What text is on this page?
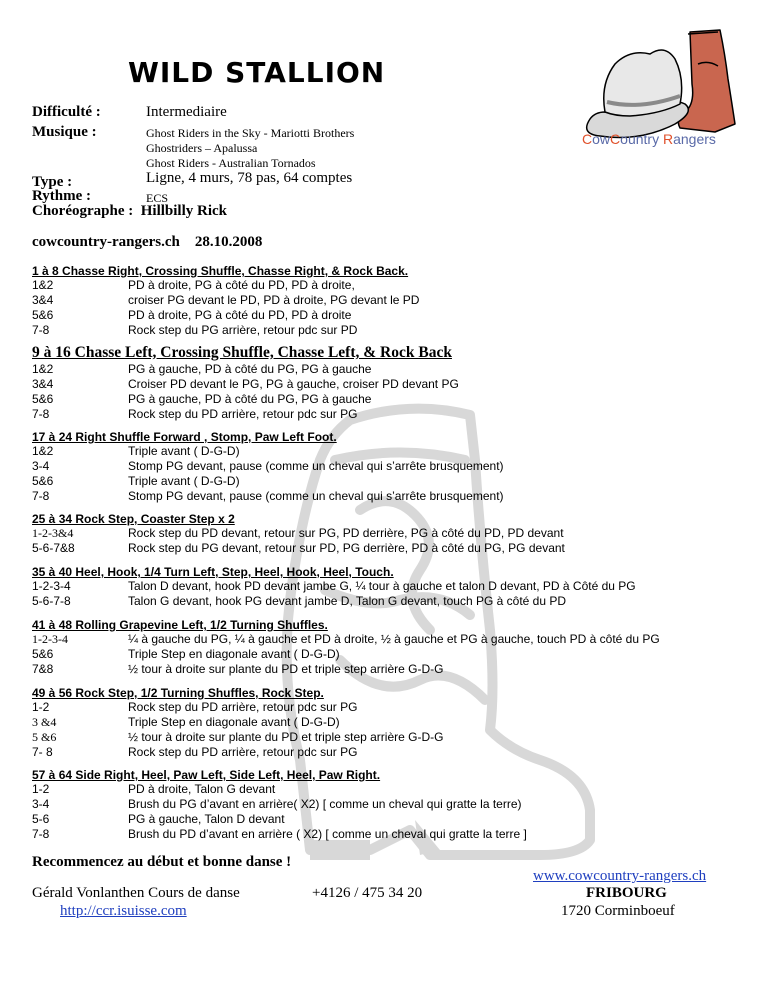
CowCountry Rangers
WILD STALLION
Difficulté :	Intermediaire
Musique :	Ghost Riders in the Sky - Mariotti Brothers
Ghostriders – Apalussa
Ghost Riders - Australian Tornados
Type :	Ligne, 4 murs, 78 pas, 64 comptes
Rythme :	ECS
Choréographe : Hillbilly Rick
cowcountry-rangers.ch    28.10.2008
1 à 8 Chasse Right, Crossing Shuffle, Chasse Right, & Rock Back.
1&2	PD à droite, PG à côté du PD, PD à droite,
3&4	croiser PG devant le PD, PD à droite, PG devant le PD
5&6	PD à droite, PG à côté du PD, PD à droite
7-8	Rock step du PG arrière, retour pdc sur PD
9 à 16 Chasse Left, Crossing Shuffle, Chasse Left, & Rock Back
1&2	PG à gauche, PD à côté du PG, PG à gauche
3&4	Croiser PD devant le PG, PG à gauche, croiser PD devant PG
5&6	PG à gauche, PD à côté du PG, PG à gauche
7-8	Rock step du PD arrière, retour pdc sur PG
17 à 24 Right Shuffle Forward , Stomp, Paw Left Foot.
1&2	Triple avant ( D-G-D)
3-4	Stomp PG devant, pause (comme un cheval qui s’arrête brusquement)
5&6	Triple avant ( D-G-D)
7-8	Stomp PG devant, pause (comme un cheval qui s’arrête brusquement)
25 à 34 Rock Step, Coaster Step x 2
1-2-3&4	Rock step du PD devant, retour sur PG, PD derrière, PG à côté du PD, PD devant
5-6-7&8	Rock step du PG devant, retour sur PD, PG derrière, PD à côté du PG, PG devant
35 à 40 Heel, Hook, 1/4 Turn Left, Step, Heel, Hook, Heel, Touch.
1-2-3-4	Talon D devant, hook PD devant jambe G, ¼ tour à gauche et talon D devant, PD à Côté du PG
5-6-7-8	Talon G devant, hook PG devant jambe D, Talon G devant, touch PG à côté du PD
41 à 48 Rolling Grapevine Left, 1/2 Turning Shuffles.
1-2-3-4	¼ à gauche du PG, ¼ à gauche et PD à droite, ½ à gauche et PG à gauche, touch PD à côté du PG
5&6	Triple Step en diagonale avant ( D-G-D)
7&8	½ tour à droite sur plante du PD et triple step arrière G-D-G
49 à 56 Rock Step, 1/2 Turning Shuffles, Rock Step.
1-2	Rock step du PD arrière, retour pdc sur PG
3 &4	Triple Step en diagonale avant ( D-G-D)
5 &6	½ tour à droite sur plante du PD et triple step arrière G-D-G
7- 8	Rock step du PD arrière, retour pdc sur PG
57 à 64 Side Right, Heel, Paw Left, Side Left, Heel, Paw Right.
1-2	PD à droite, Talon G devant
3-4	Brush du PG d’avant en arrière( X2) [ comme un cheval qui gratte la terre)
5-6	PG à gauche, Talon D devant
7-8	Brush du PD d’avant en arrière ( X2) [ comme un cheval qui gratte la terre ]
Recommencez au début et bonne danse !
Gérald Vonlanthen Cours de danse
http://ccr.isuisse.com
+4126 / 475 34 20
www.cowcountry-rangers.ch
FRIBOURG
1720 Corminboeuf
